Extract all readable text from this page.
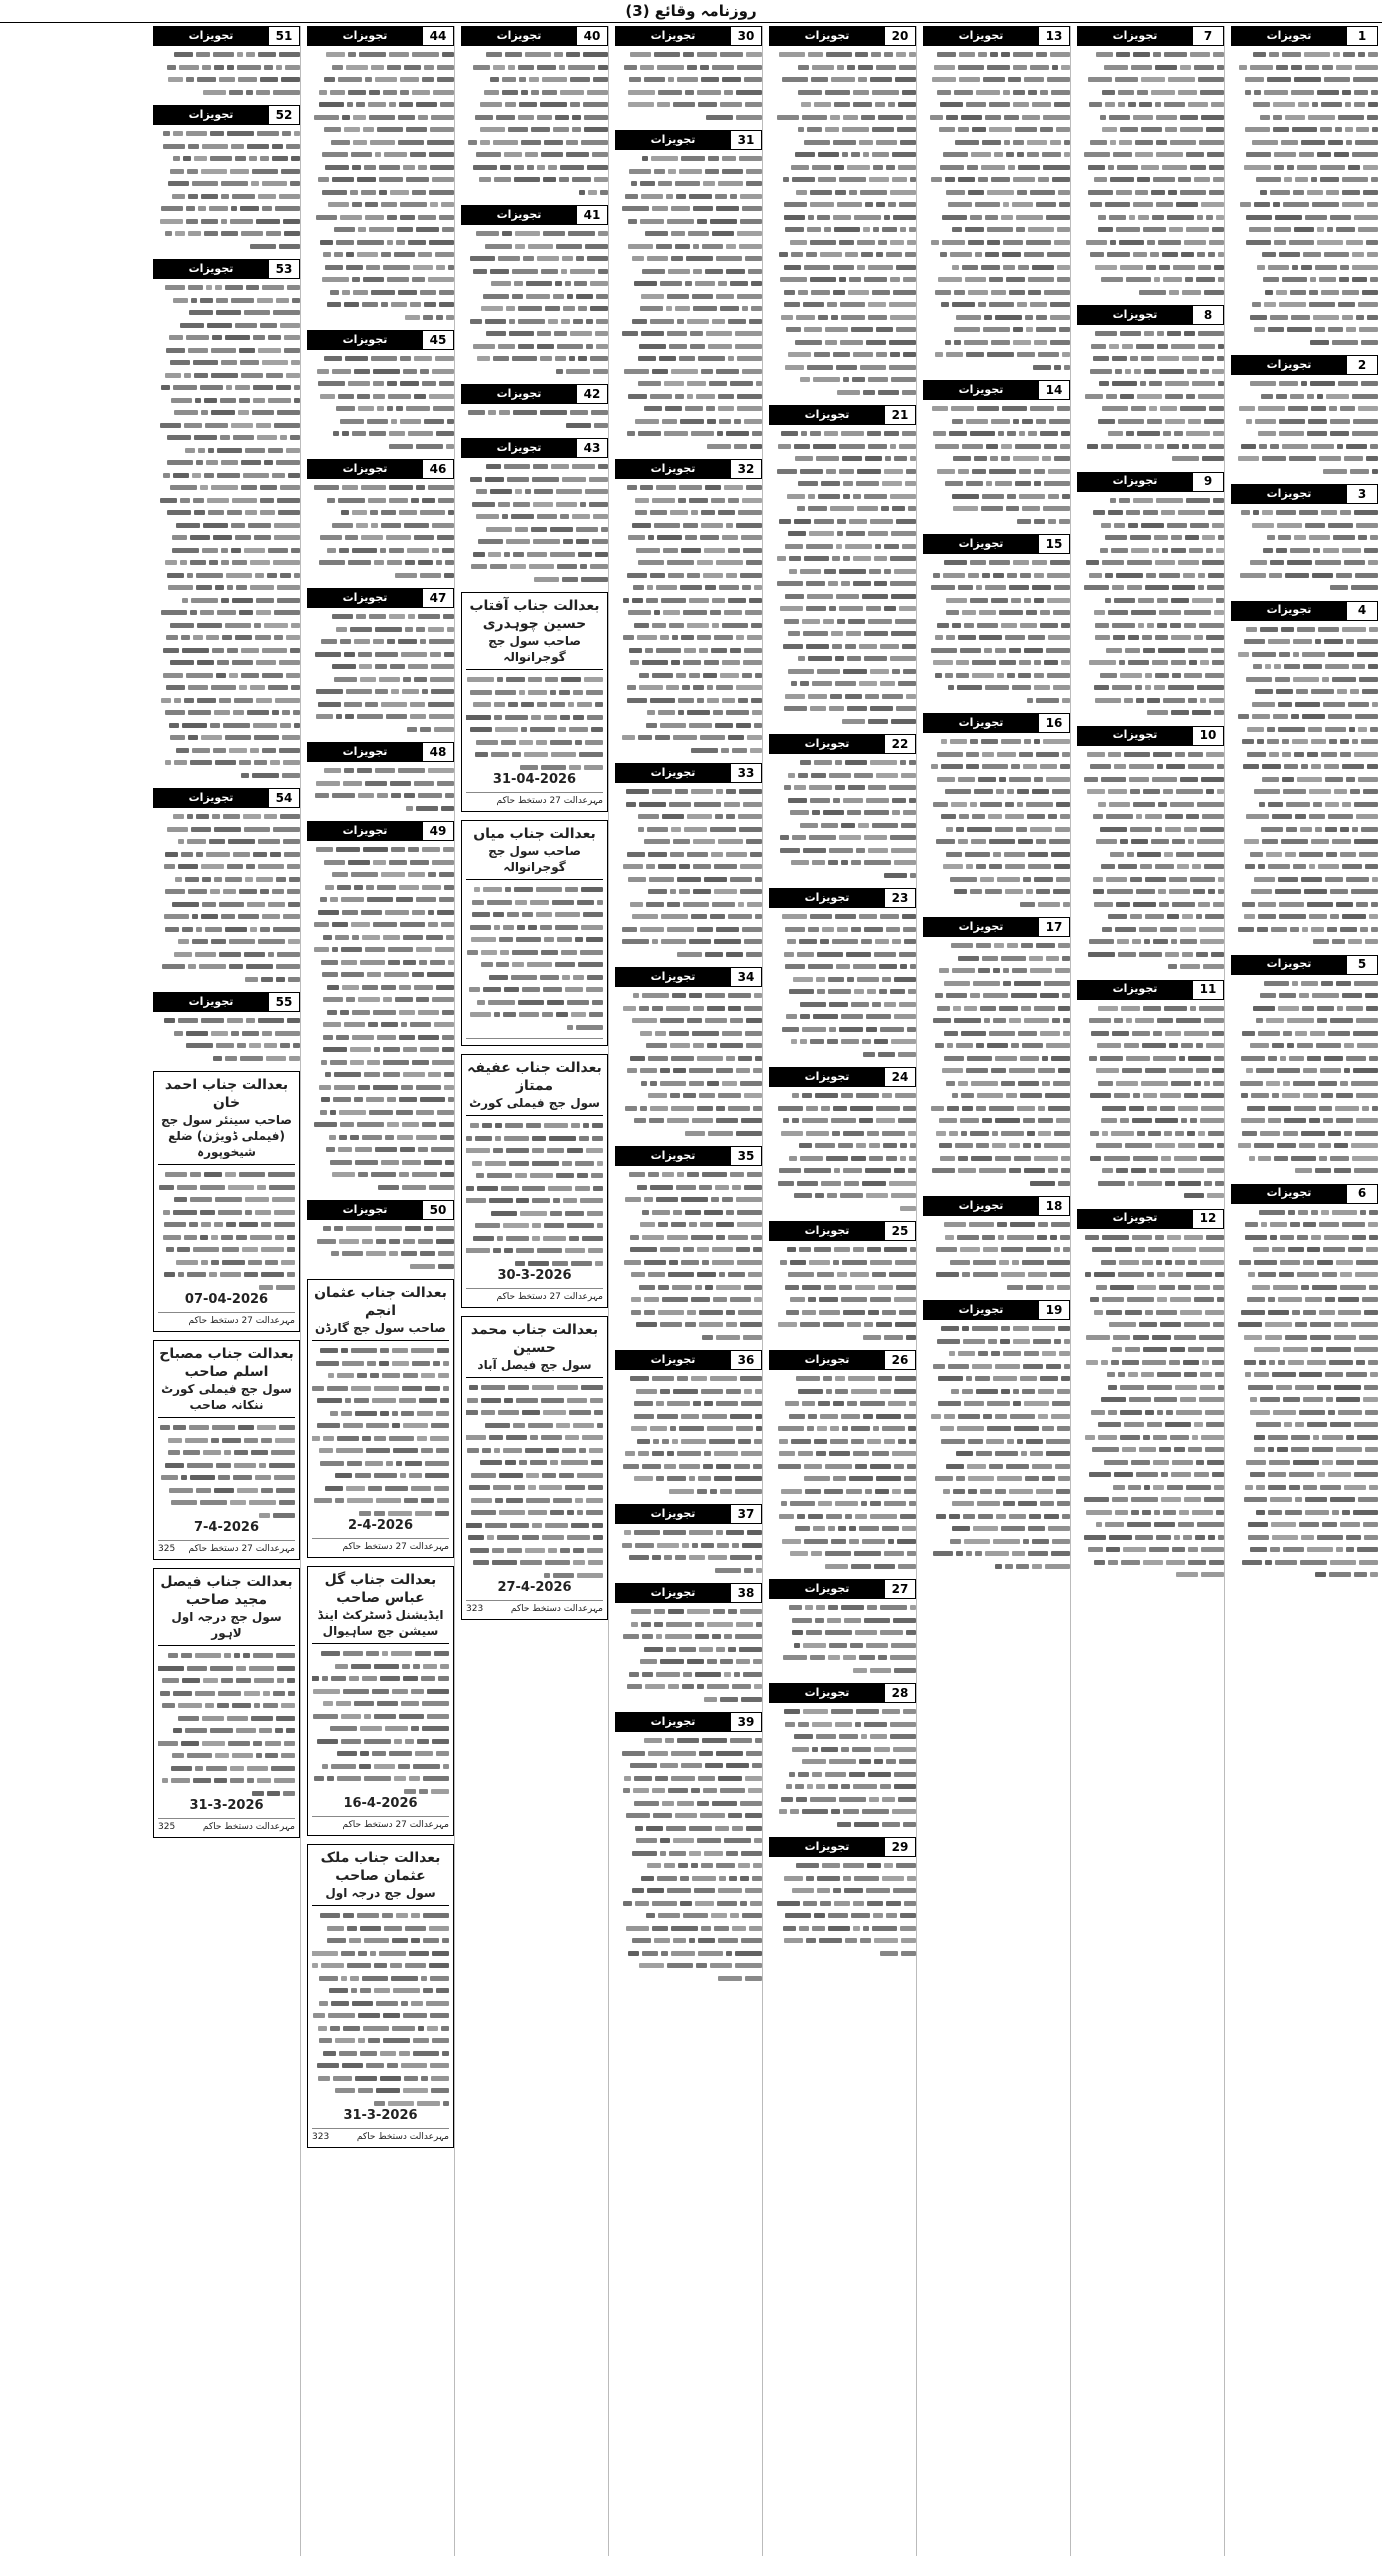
روزنامہ وقائع (3)
1
تجویزات
2
تجویزات
3
تجویزات
4
تجویزات
5
تجویزات
6
تجویزات
7
تجویزات
8
تجویزات
9
تجویزات
10
تجویزات
11
تجویزات
12
تجویزات
13
تجویزات
14
تجویزات
15
تجویزات
16
تجویزات
17
تجویزات
18
تجویزات
19
تجویزات
20
تجویزات
21
تجویزات
22
تجویزات
23
تجویزات
24
تجویزات
25
تجویزات
26
تجویزات
27
تجویزات
28
تجویزات
29
تجویزات
30
تجویزات
31
تجویزات
32
تجویزات
33
تجویزات
34
تجویزات
35
تجویزات
36
تجویزات
37
تجویزات
38
تجویزات
39
تجویزات
40
تجویزات
41
تجویزات
42
تجویزات
43
تجویزات
بعدالت جناب آفتاب حسین چوہدری
صاحب سول جج گوجرانوالہ
31-04-2026
مہرعدالت 27 دستخط حاکم
بعدالت جناب میاں
صاحب سول جج گوجرانوالہ
بعدالت جناب عفیفہ ممتاز
سول جج فیملی کورٹ
30-3-2026
مہرعدالت 27 دستخط حاکم
بعدالت جناب محمد حسین
سول جج فیصل آباد
27-4-2026
مہرعدالت دستخط حاکم
323
44
تجویزات
45
تجویزات
46
تجویزات
47
تجویزات
48
تجویزات
49
تجویزات
50
تجویزات
بعدالت جناب عثمان انجم
صاحب سول جج گارڈن
2-4-2026
مہرعدالت 27 دستخط حاکم
بعدالت جناب گل عباس صاحب
ایڈیشنل ڈسٹرکٹ اینڈ سیشن جج ساہیوال
16-4-2026
مہرعدالت 27 دستخط حاکم
بعدالت جناب ملک عثمان صاحب
سول جج درجہ اول
31-3-2026
مہرعدالت دستخط حاکم
323
51
تجویزات
52
تجویزات
53
تجویزات
54
تجویزات
55
تجویزات
بعدالت جناب احمد خان
صاحب سینئر سول جج (فیملی ڈویژن) ضلع شیخوپورہ
07-04-2026
مہرعدالت 27 دستخط حاکم
بعدالت جناب مصباح اسلم صاحب
سول جج فیملی کورٹ ننکانہ صاحب
7-4-2026
مہرعدالت 27 دستخط حاکم
325
بعدالت جناب فیصل مجید صاحب
سول جج درجہ اول لاہور
31-3-2026
مہرعدالت دستخط حاکم
325
